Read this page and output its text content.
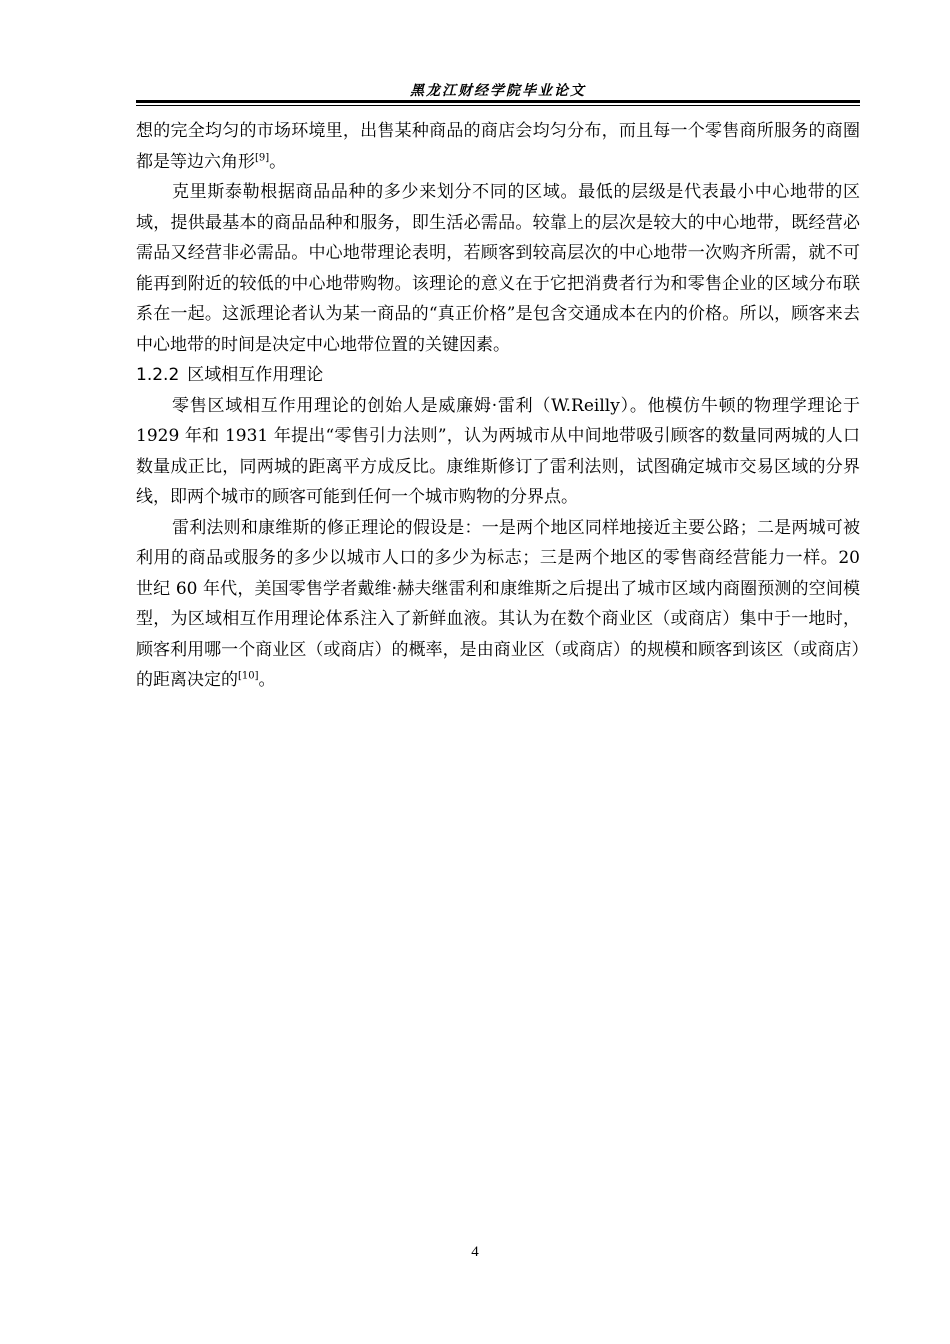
黑龙江财经学院毕业论文

想的完全均匀的市场环境里，出售某种商品的商店会均匀分布，而且每一个零售商所服务的商圈都是等边六角形[9]。

克里斯泰勒根据商品品种的多少来划分不同的区域。最低的层级是代表最小中心地带的区域，提供最基本的商品品种和服务，即生活必需品。较靠上的层次是较大的中心地带，既经营必需品又经营非必需品。中心地带理论表明，若顾客到较高层次的中心地带一次购齐所需，就不可能再到附近的较低的中心地带购物。该理论的意义在于它把消费者行为和零售企业的区域分布联系在一起。这派理论者认为某一商品的“真正价格”是包含交通成本在内的价格。所以，顾客来去中心地带的时间是决定中心地带位置的关键因素。

1.2.2 区域相互作用理论

零售区域相互作用理论的创始人是威廉姆·雷利（W.Reilly）。他模仿牛顿的物理学理论于 1929 年和 1931 年提出“零售引力法则”，认为两城市从中间地带吸引顾客的数量同两城的人口数量成正比，同两城的距离平方成反比。康维斯修订了雷利法则，试图确定城市交易区域的分界线，即两个城市的顾客可能到任何一个城市购物的分界点。

雷利法则和康维斯的修正理论的假设是：一是两个地区同样地接近主要公路；二是两城可被利用的商品或服务的多少以城市人口的多少为标志；三是两个地区的零售商经营能力一样。20 世纪 60 年代，美国零售学者戴维·赫夫继雷利和康维斯之后提出了城市区域内商圈预测的空间模型，为区域相互作用理论体系注入了新鲜血液。其认为在数个商业区（或商店）集中于一地时，顾客利用哪一个商业区（或商店）的概率，是由商业区（或商店）的规模和顾客到该区（或商店）的距离决定的[10]。

4
